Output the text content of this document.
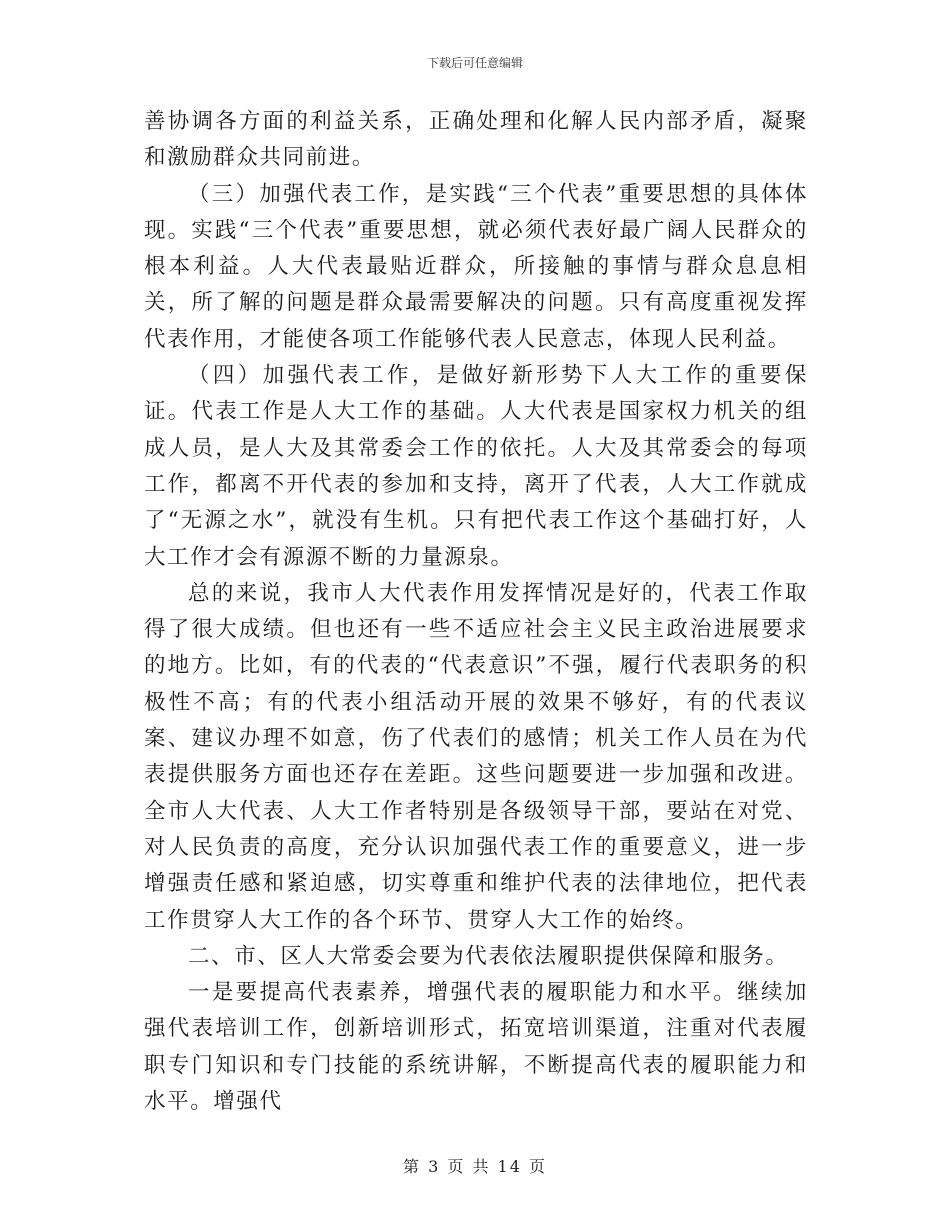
下载后可任意编辑

善协调各方面的利益关系，正确处理和化解人民内部矛盾，凝聚和激励群众共同前进。

（三）加强代表工作，是实践“三个代表”重要思想的具体体现。实践“三个代表”重要思想，就必须代表好最广阔人民群众的根本利益。人大代表最贴近群众，所接触的事情与群众息息相关，所了解的问题是群众最需要解决的问题。只有高度重视发挥代表作用，才能使各项工作能够代表人民意志，体现人民利益。

（四）加强代表工作，是做好新形势下人大工作的重要保证。代表工作是人大工作的基础。人大代表是国家权力机关的组成人员，是人大及其常委会工作的依托。人大及其常委会的每项工作，都离不开代表的参加和支持，离开了代表，人大工作就成了“无源之水”，就没有生机。只有把代表工作这个基础打好，人大工作才会有源源不断的力量源泉。

总的来说，我市人大代表作用发挥情况是好的，代表工作取得了很大成绩。但也还有一些不适应社会主义民主政治进展要求的地方。比如，有的代表的“代表意识”不强，履行代表职务的积极性不高；有的代表小组活动开展的效果不够好，有的代表议案、建议办理不如意，伤了代表们的感情；机关工作人员在为代表提供服务方面也还存在差距。这些问题要进一步加强和改进。全市人大代表、人大工作者特别是各级领导干部，要站在对党、对人民负责的高度，充分认识加强代表工作的重要意义，进一步增强责任感和紧迫感，切实尊重和维护代表的法律地位，把代表工作贯穿人大工作的各个环节、贯穿人大工作的始终。

二、市、区人大常委会要为代表依法履职提供保障和服务。

一是要提高代表素养，增强代表的履职能力和水平。继续加强代表培训工作，创新培训形式，拓宽培训渠道，注重对代表履职专门知识和专门技能的系统讲解，不断提高代表的履职能力和水平。增强代

第 3 页 共 14 页
